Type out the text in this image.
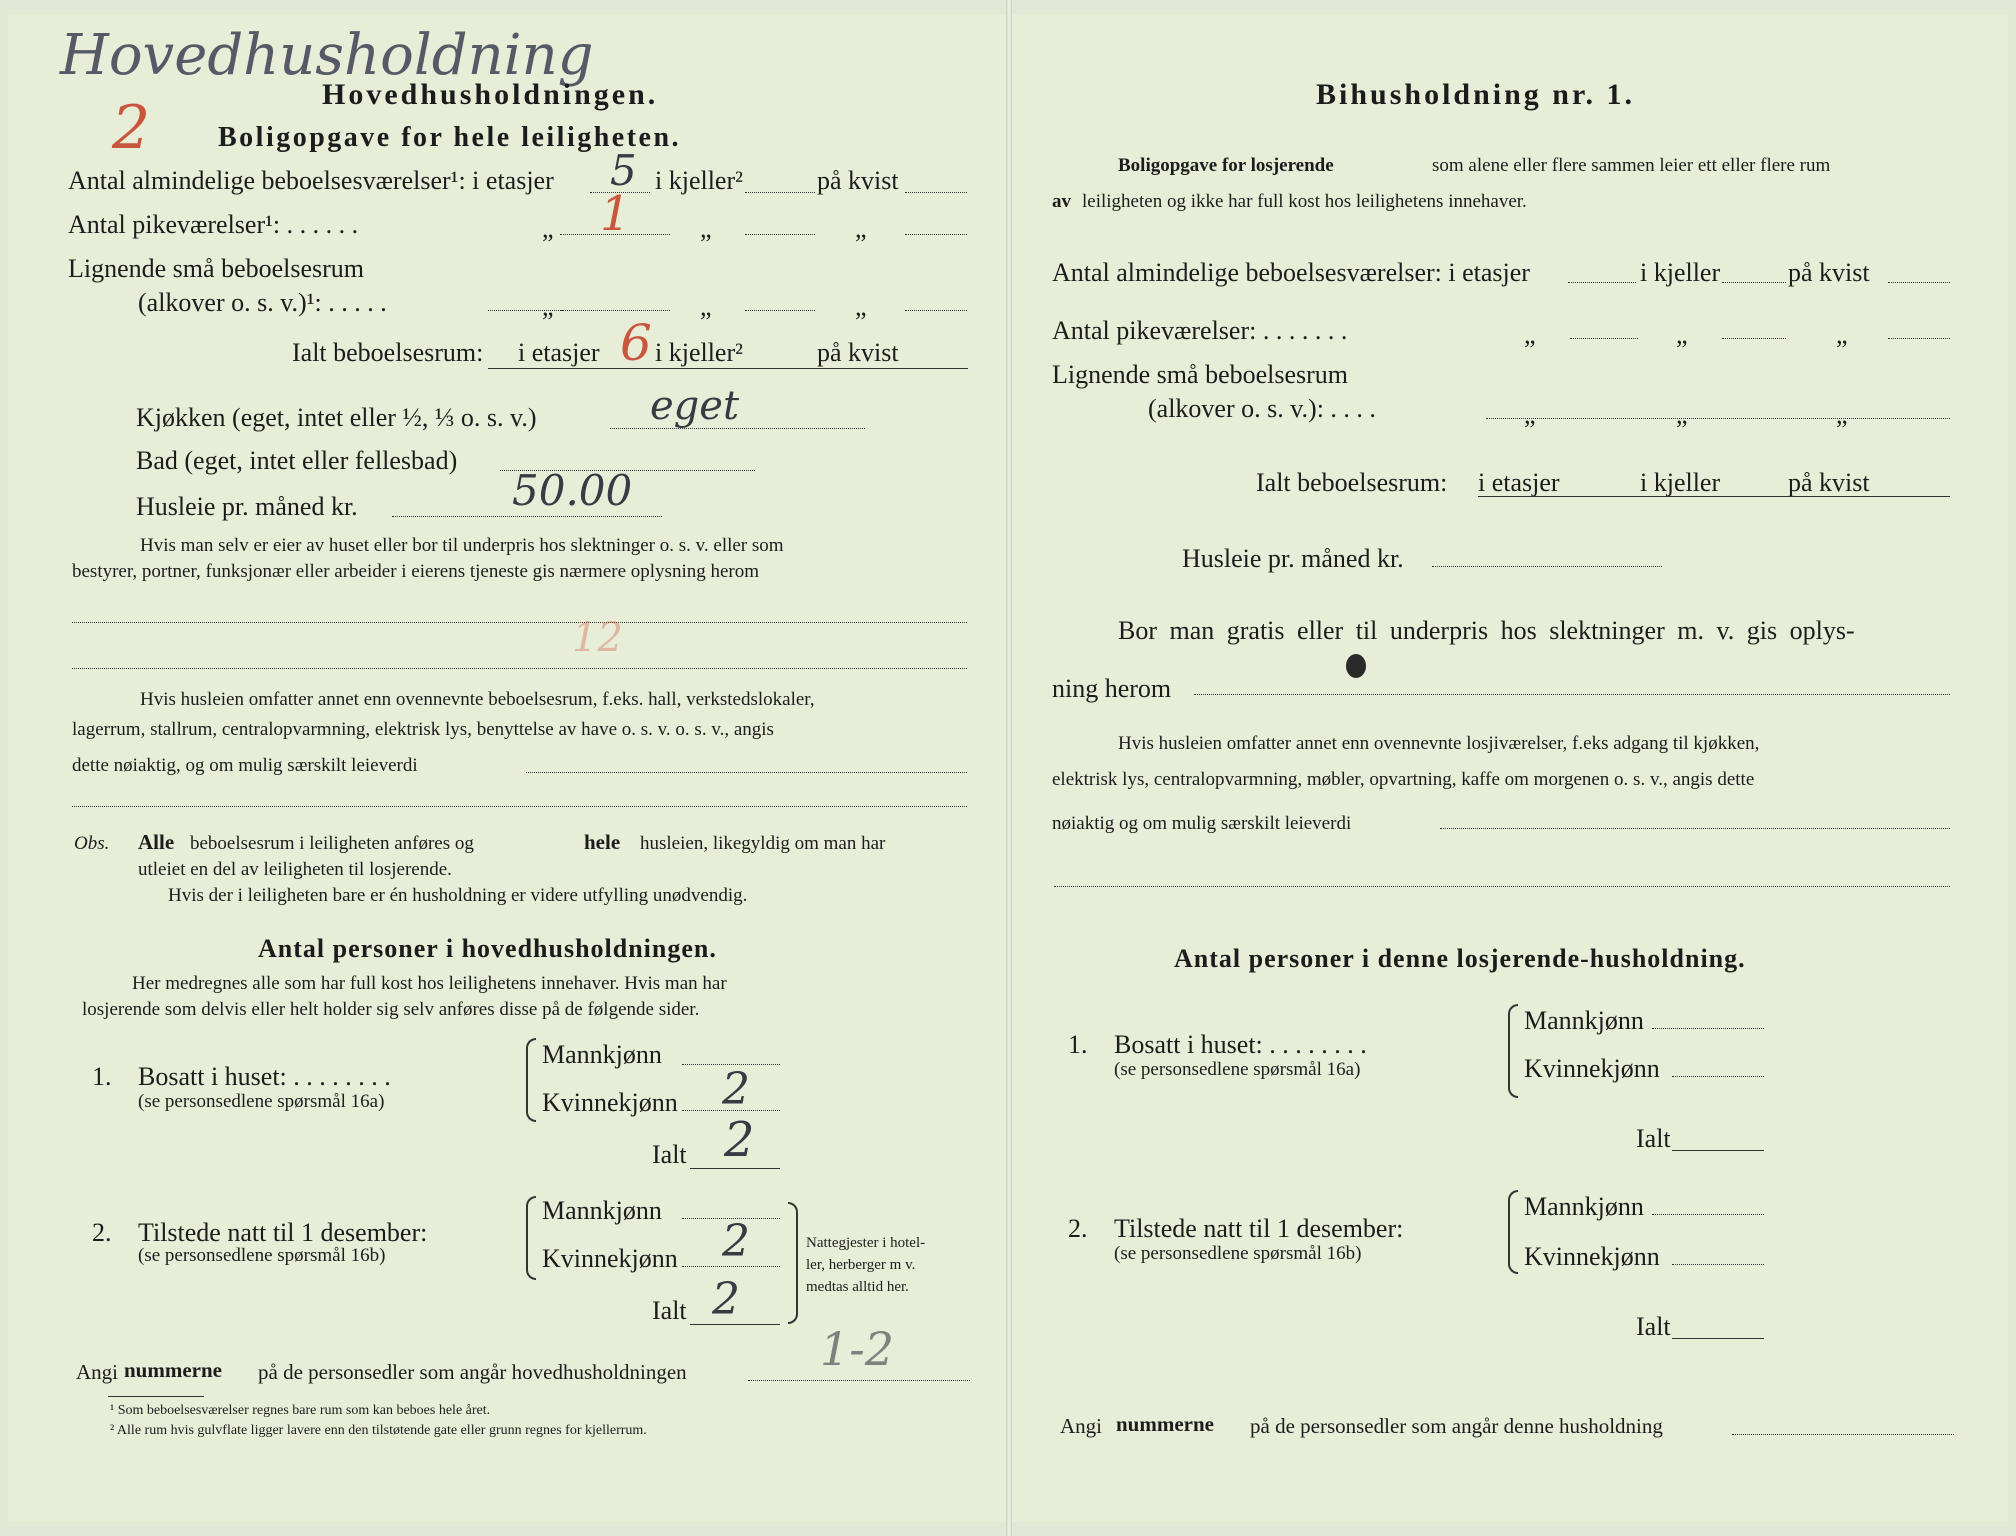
Hovedhusholdning
2	Hovedhusholdningen.
Boligopgave for hele leiligheten.
Antal almindelige beboelsesværelser¹: i etasjer 5 i kjeller²	på kvist
Antal pikeværelser¹: . . . . . .	„ 1	„	„
Lignende små beboelsesrum
(alkover o. s. v.)¹: . . . . .	„	„	„
Ialt beboelsesrum: i etasjer 6 i kjeller²	på kvist
Kjøkken (eget, intet eller ½, ⅓ o. s. v.)	eget
Bad (eget, intet eller fellesbad)
Husleie pr. måned kr.	50.00
Hvis man selv er eier av huset eller bor til underpris hos slektninger o. s. v. eller som
bestyrer, portner, funksjonær eller arbeider i eierens tjeneste gis nærmere oplysning herom
12
Hvis husleien omfatter annet enn ovennevnte beboelsesrum, f.eks. hall, verkstedslokaler,
lagerrum, stallrum, centralopvarmning, elektrisk lys, benyttelse av have o. s. v. o. s. v., angis
dette nøiaktig, og om mulig særskilt leieverdi
Obs. Alle beboelsesrum i leiligheten anføres og	hele husleien, likegyldig om man har
utleiet en del av leiligheten til losjerende.
Hvis der i leiligheten bare er én husholdning er videre utfylling unødvendig.
Antal personer i hovedhusholdningen.
Her medregnes alle som har full kost hos leilighetens innehaver. Hvis man har
losjerende som delvis eller helt holder sig selv anføres disse på de følgende sider.
1. Bosatt i huset: . . . . . . . .
(se personsedlene spørsmål 16a)
Mannkjønn
Kvinnekjønn 2
Ialt 2
2. Tilstede natt til 1 desember:
(se personsedlene spørsmål 16b)
Mannkjønn
Kvinnekjønn 2
Ialt 2
Nattegjester i hotel-
ler, herberger m v.
medtas alltid her.
Angi nummerne på de personsedler som angår hovedhusholdningen	1-2
¹ Som beboelsesværelser regnes bare rum som kan beboes hele året.
² Alle rum hvis gulvflate ligger lavere enn den tilstøtende gate eller grunn regnes for kjellerrum.
Bihusholdning nr. 1.
Boligopgave for losjerende	som alene eller flere sammen leier ett eller flere rum
av leiligheten og ikke har full kost hos leilighetens innehaver.
Antal almindelige beboelsesværelser: i etasjer	i kjeller	på kvist
Antal pikeværelser: . . . . . . .	„	„	„
Lignende små beboelsesrum
(alkover o. s. v.): . . . .	„	„	„
Ialt beboelsesrum: i etasjer	i kjeller	på kvist
Husleie pr. måned kr.
Bor man gratis eller til underpris hos slektninger m. v. gis oplys-
ning herom
Hvis husleien omfatter annet enn ovennevnte losjiværelser, f.eks adgang til kjøkken,
elektrisk lys, centralopvarmning, møbler, opvartning, kaffe om morgenen o. s. v., angis dette
nøiaktig og om mulig særskilt leieverdi
Antal personer i denne losjerende-husholdning.
1. Bosatt i huset: . . . . . . . .
(se personsedlene spørsmål 16a)
Mannkjønn
Kvinnekjønn
Ialt
2. Tilstede natt til 1 desember:
(se personsedlene spørsmål 16b)
Mannkjønn
Kvinnekjønn
Ialt
Angi nummerne på de personsedler som angår denne husholdning
